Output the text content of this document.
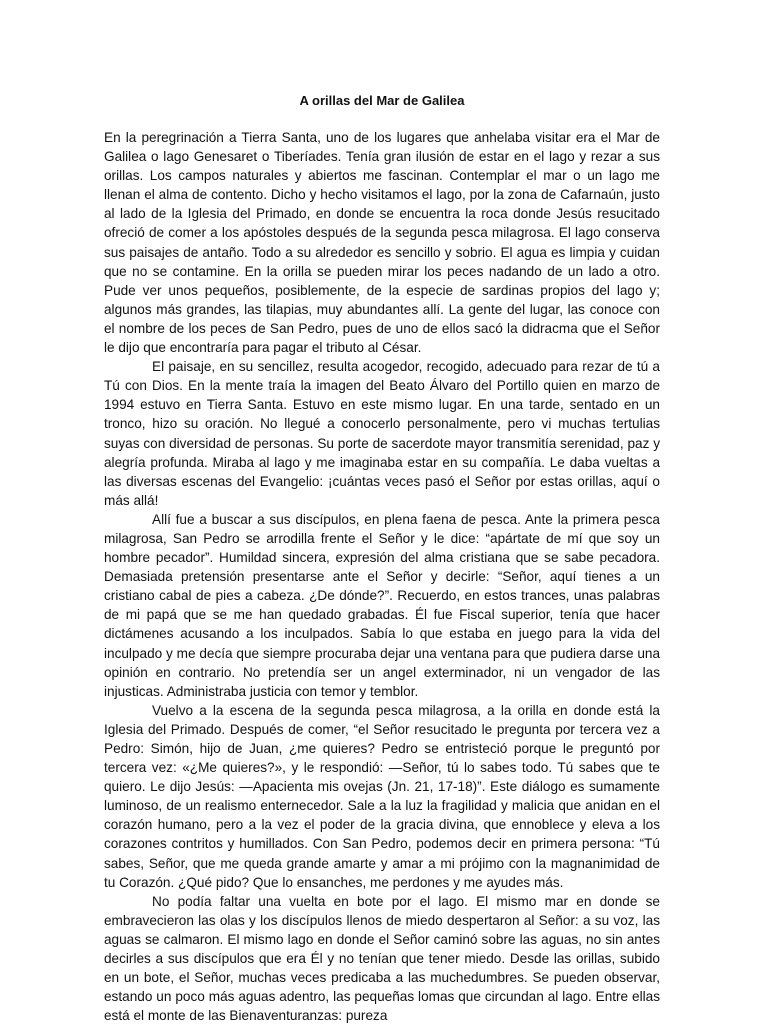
A orillas del Mar de Galilea

En la peregrinación a Tierra Santa, uno de los lugares que anhelaba visitar era el Mar de Galilea o lago Genesaret o Tiberíades. Tenía gran ilusión de estar en el lago y rezar a sus orillas. Los campos naturales y abiertos me fascinan. Contemplar el mar o un lago me llenan el alma de contento. Dicho y hecho visitamos el lago, por la zona de Cafarnaún, justo al lado de la Iglesia del Primado, en donde se encuentra la roca donde Jesús resucitado ofreció de comer a los apóstoles después de la segunda pesca milagrosa. El lago conserva sus paisajes de antaño. Todo a su alrededor es sencillo y sobrio. El agua es limpia y cuidan que no se contamine. En la orilla se pueden mirar los peces nadando de un lado a otro. Pude ver unos pequeños, posiblemente, de la especie de sardinas propios del lago y; algunos más grandes, las tilapias, muy abundantes allí. La gente del lugar, las conoce con el nombre de los peces de San Pedro, pues de uno de ellos sacó la didracma que el Señor le dijo que encontraría para pagar el tributo al César.

El paisaje, en su sencillez, resulta acogedor, recogido, adecuado para rezar de tú a Tú con Dios. En la mente traía la imagen del Beato Álvaro del Portillo quien en marzo de 1994 estuvo en Tierra Santa. Estuvo en este mismo lugar. En una tarde, sentado en un tronco, hizo su oración. No llegué a conocerlo personalmente, pero vi muchas tertulias suyas con diversidad de personas. Su porte de sacerdote mayor transmitía serenidad, paz y alegría profunda. Miraba al lago y me imaginaba estar en su compañía. Le daba vueltas a las diversas escenas del Evangelio: ¡cuántas veces pasó el Señor por estas orillas, aquí o más allá!

Allí fue a buscar a sus discípulos, en plena faena de pesca. Ante la primera pesca milagrosa, San Pedro se arrodilla frente el Señor y le dice: “apártate de mí que soy un hombre pecador”. Humildad sincera, expresión del alma cristiana que se sabe pecadora. Demasiada pretensión presentarse ante el Señor y decirle: “Señor, aquí tienes a un cristiano cabal de pies a cabeza. ¿De dónde?”. Recuerdo, en estos trances, unas palabras de mi papá que se me han quedado grabadas. Él fue Fiscal superior, tenía que hacer dictámenes acusando a los inculpados. Sabía lo que estaba en juego para la vida del inculpado y me decía que siempre procuraba dejar una ventana para que pudiera darse una opinión en contrario. No pretendía ser un angel exterminador, ni un vengador de las injusticas. Administraba justicia con temor y temblor.

Vuelvo a la escena de la segunda pesca milagrosa, a la orilla en donde está la Iglesia del Primado. Después de comer, “el Señor resucitado le pregunta por tercera vez a Pedro: Simón, hijo de Juan, ¿me quieres? Pedro se entristeció porque le preguntó por tercera vez: «¿Me quieres?», y le respondió: —Señor, tú lo sabes todo. Tú sabes que te quiero. Le dijo Jesús: —Apacienta mis ovejas (Jn. 21, 17-18)”. Este diálogo es sumamente luminoso, de un realismo enternecedor. Sale a la luz la fragilidad y malicia que anidan en el corazón humano, pero a la vez el poder de la gracia divina, que ennoblece y eleva a los corazones contritos y humillados. Con San Pedro, podemos decir en primera persona: “Tú sabes, Señor, que me queda grande amarte y amar a mi prójimo con la magnanimidad de tu Corazón. ¿Qué pido? Que lo ensanches, me perdones y me ayudes más.

No podía faltar una vuelta en bote por el lago. El mismo mar en donde se embravecieron las olas y los discípulos llenos de miedo despertaron al Señor: a su voz, las aguas se calmaron. El mismo lago en donde el Señor caminó sobre las aguas, no sin antes decirles a sus discípulos que era Él y no tenían que tener miedo. Desde las orillas, subido en un bote, el Señor, muchas veces predicaba a las muchedumbres. Se pueden observar, estando un poco más aguas adentro, las pequeñas lomas que circundan al lago. Entre ellas está el monte de las Bienaventuranzas: pureza
